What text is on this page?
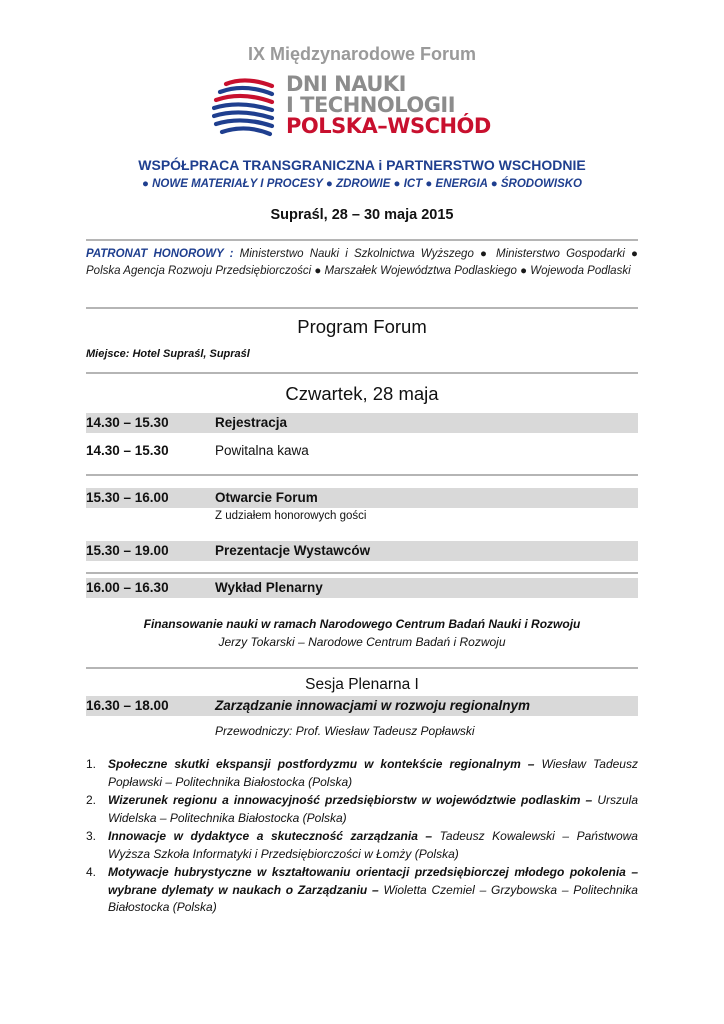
IX Międzynarodowe Forum
DNI NAUKI
I TECHNOLOGII
POLSKA–WSCHÓD
WSPÓŁPRACA TRANSGRANICZNA i PARTNERSTWO WSCHODNIE
● NOWE MATERIAŁY I PROCESY ● ZDROWIE ● ICT ● ENERGIA ● ŚRODOWISKO
Supraśl, 28 – 30 maja 2015
PATRONAT HONOROWY : Ministerstwo Nauki i Szkolnictwa Wyższego ● Ministerstwo Gospodarki ● Polska Agencja Rozwoju Przedsiębiorczości ● Marszałek Województwa Podlaskiego ● Wojewoda Podlaski
Program Forum
Miejsce: Hotel Supraśl, Supraśl
Czwartek, 28 maja
14.30 – 15.30	Rejestracja
14.30 – 15.30	Powitalna kawa
15.30 – 16.00	Otwarcie Forum
Z udziałem honorowych gości
15.30 – 19.00	Prezentacje Wystawców
16.00 – 16.30	Wykład Plenarny
Finansowanie nauki w ramach Narodowego Centrum Badań Nauki i Rozwoju
Jerzy Tokarski – Narodowe Centrum Badań i Rozwoju
Sesja Plenarna I
16.30 – 18.00	Zarządzanie innowacjami w rozwoju regionalnym
Przewodniczy: Prof. Wiesław Tadeusz Popławski
1. Społeczne skutki ekspansji postfordyzmu w kontekście regionalnym – Wiesław Tadeusz Popławski – Politechnika Białostocka (Polska)
2. Wizerunek regionu a innowacyjność przedsiębiorstw w województwie podlaskim – Urszula Widelska – Politechnika Białostocka (Polska)
3. Innowacje w dydaktyce a skuteczność zarządzania – Tadeusz Kowalewski – Państwowa Wyższa Szkoła Informatyki i Przedsiębiorczości w Łomży (Polska)
4. Motywacje hubrystyczne w kształtowaniu orientacji przedsiębiorczej młodego pokolenia – wybrane dylematy w naukach o Zarządzaniu – Wioletta Czemiel – Grzybowska – Politechnika Białostocka (Polska)
